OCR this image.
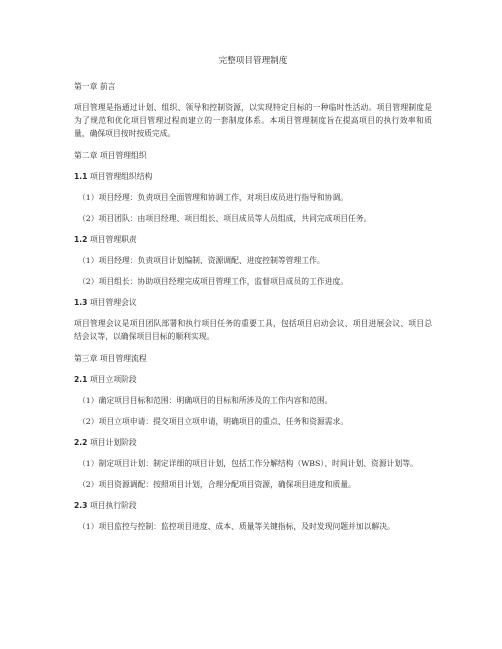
完整项目管理制度
第一章 前言
项目管理是指通过计划、组织、领导和控制资源，以实现特定目标的一种临时性活动。项目管理制度是为了规范和优化项目管理过程而建立的一套制度体系。本项目管理制度旨在提高项目的执行效率和质量，确保项目按时按质完成。
第二章 项目管理组织
1.1 项目管理组织结构
（1）项目经理：负责项目全面管理和协调工作，对项目成员进行指导和协调。
（2）项目团队：由项目经理、项目组长、项目成员等人员组成，共同完成项目任务。
1.2 项目管理职责
（1）项目经理：负责项目计划编制、资源调配、进度控制等管理工作。
（2）项目组长：协助项目经理完成项目管理工作，监督项目成员的工作进度。
1.3 项目管理会议
项目管理会议是项目团队部署和执行项目任务的重要工具，包括项目启动会议、项目进展会议、项目总结会议等，以确保项目目标的顺利实现。
第三章 项目管理流程
2.1 项目立项阶段
（1）确定项目目标和范围：明确项目的目标和所涉及的工作内容和范围。
（2）项目立项申请：提交项目立项申请，明确项目的重点、任务和资源需求。
2.2 项目计划阶段
（1）制定项目计划：制定详细的项目计划，包括工作分解结构（WBS）、时间计划、资源计划等。
（2）项目资源调配：按照项目计划，合理分配项目资源，确保项目进度和质量。
2.3 项目执行阶段
（1）项目监控与控制：监控项目进度、成本、质量等关键指标，及时发现问题并加以解决。
